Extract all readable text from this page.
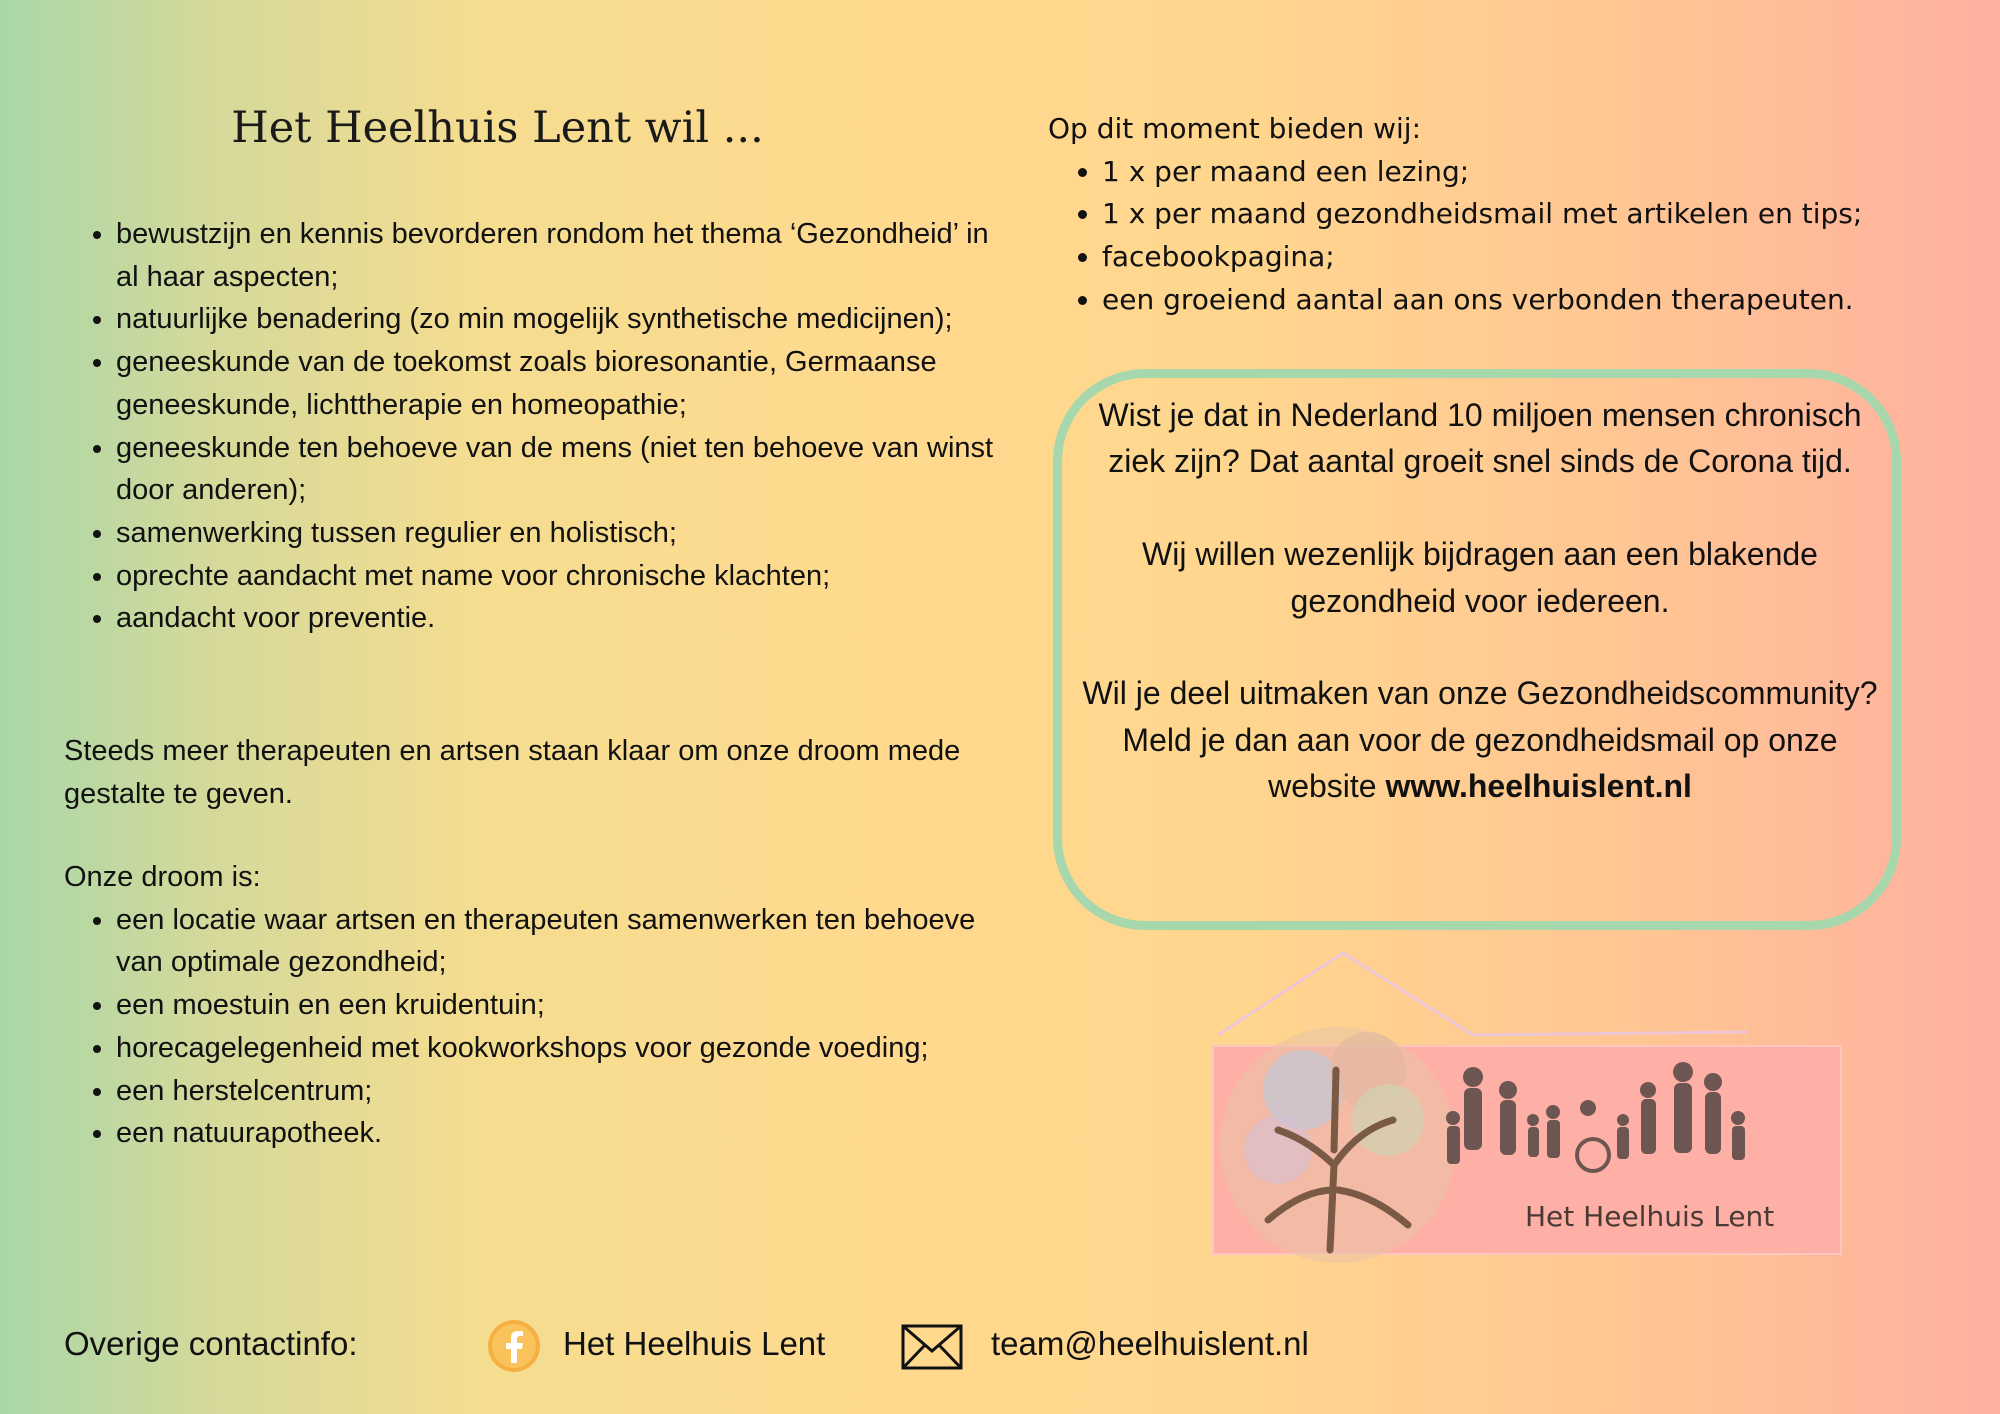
Het Heelhuis Lent wil ...
• bewustzijn en kennis bevorderen rondom het thema ‘Gezondheid’ in al haar aspecten;
• natuurlijke benadering (zo min mogelijk synthetische medicijnen);
• geneeskunde van de toekomst zoals bioresonantie, Germaanse geneeskunde, lichttherapie en homeopathie;
• geneeskunde ten behoeve van de mens (niet ten behoeve van winst door anderen);
• samenwerking tussen regulier en holistisch;
• oprechte aandacht met name voor chronische klachten;
• aandacht voor preventie.
Steeds meer therapeuten en artsen staan klaar om onze droom mede gestalte te geven.
Onze droom is:
• een locatie waar artsen en therapeuten samenwerken ten behoeve van optimale gezondheid;
• een moestuin en een kruidentuin;
• horecagelegenheid met kookworkshops voor gezonde voeding;
• een herstelcentrum;
• een natuurapotheek.
Op dit moment bieden wij:
• 1 x per maand een lezing;
• 1 x per maand gezondheidsmail met artikelen en tips;
• facebookpagina;
• een groeiend aantal aan ons verbonden therapeuten.

Wist je dat in Nederland 10 miljoen mensen chronisch ziek zijn? Dat aantal groeit snel sinds de Corona tijd.

Wij willen wezenlijk bijdragen aan een blakende gezondheid voor iedereen.

Wil je deel uitmaken van onze Gezondheidscommunity?

Meld je dan aan voor de gezondheidsmail op onze website www.heelhuislent.nl

Het Heelhuis Lent
Overige contactinfo:	Het Heelhuis Lent	team@heelhuislent.nl
